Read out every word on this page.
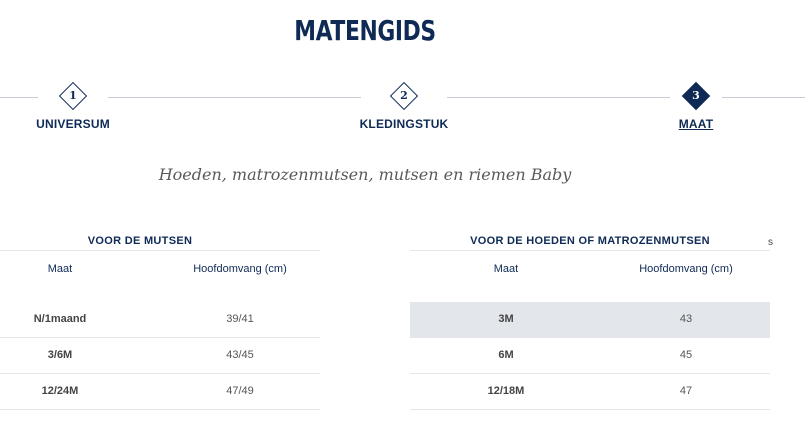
MATENGIDS
1
UNIVERSUM
2
KLEDINGSTUK
3
MAAT
Hoeden, matrozenmutsen, mutsen en riemen Baby
VOOR DE MUTSEN
Maat	Hoofdomvang (cm)
N/1maand	39/41
3/6M	43/45
12/24M	47/49
VOOR DE HOEDEN OF MATROZENMUTSEN	s
Maat	Hoofdomvang (cm)
3M	43
6M	45
12/18M	47
